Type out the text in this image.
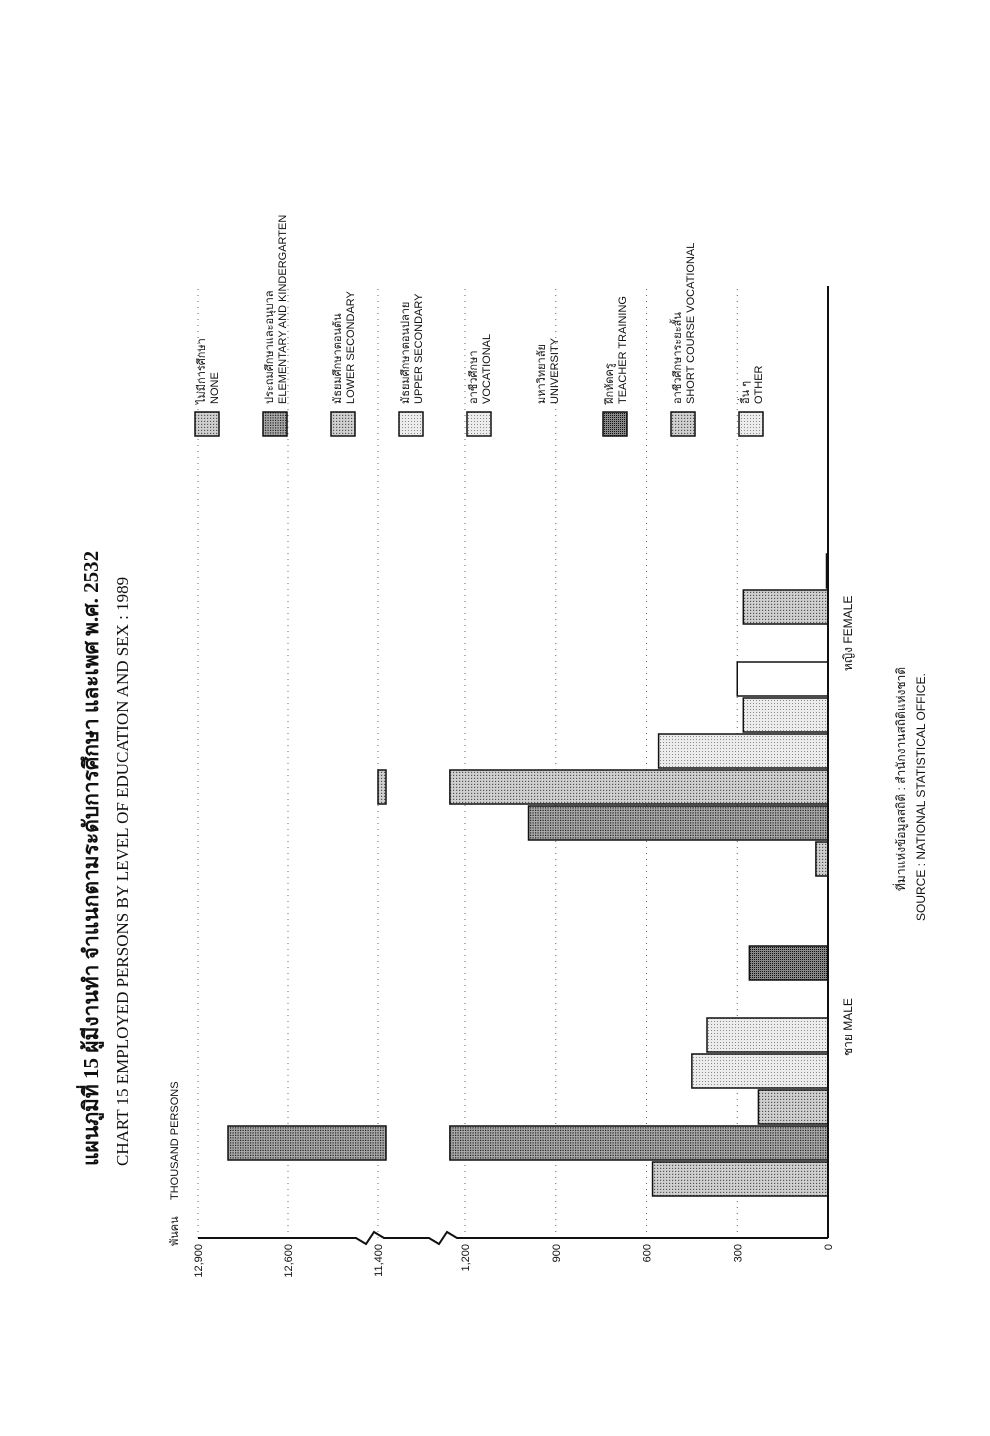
แผนภูมิที่ 15 ผู้มีงานทำ จำแนกตามระดับการศึกษา และเพศ พ.ศ. 2532 CHART 15 EMPLOYED PERSONS BY LEVEL OF EDUCATION AND SEX : 1989
พันคน
THOUSAND PERSONS
0
300
600
900
1,200
11,400
12,600
12,900
ชาย MALE
หญิง FEMALE
ที่มาแห่งข้อมูลสถิติ : สำนักงานสถิติแห่งชาติ SOURCE : NATIONAL STATISTICAL OFFICE.
ไม่มีการศึกษา NONE	ประถมศึกษาและอนุบาล ELEMENTARY AND KINDERGARTEN	มัธยมศึกษาตอนต้น LOWER SECONDARY	มัธยมศึกษาตอนปลาย UPPER SECONDARY	อาชีวศึกษา VOCATIONAL	มหาวิทยาลัย UNIVERSITY	ฝึกหัดครู TEACHER TRAINING	อาชีวศึกษาระยะสั้น SHORT COURSE VOCATIONAL	อื่น ๆ OTHER
